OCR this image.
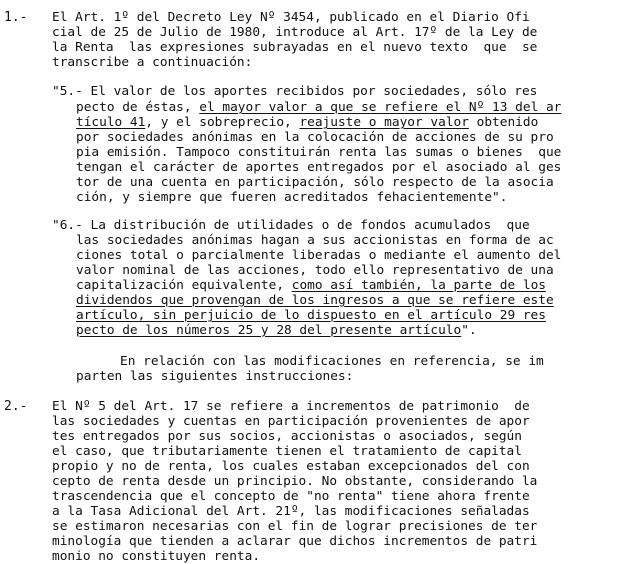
1.- El Art. 1º del Decreto Ley Nº 3454, publicado en el Diario Ofi
cial de 25 de Julio de 1980, introduce al Art. 17º de la Ley de
la Renta  las expresiones subrayadas en el nuevo texto  que  se
transcribe a continuación:
"5.- El valor de los aportes recibidos por sociedades, sólo res
pecto de éstas, el mayor valor a que se refiere el Nº 13 del ar
tículo 41, y el sobreprecio, reajuste o mayor valor obtenido
por sociedades anónimas en la colocación de acciones de su pro
pia emisión. Tampoco constituirán renta las sumas o bienes  que
tengan el carácter de aportes entregados por el asociado al ges
tor de una cuenta en participación, sólo respecto de la asocia
ción, y siempre que fueren acreditados fehacientemente".
"6.- La distribución de utilidades o de fondos acumulados  que
las sociedades anónimas hagan a sus accionistas en forma de ac
ciones total o parcialmente liberadas o mediante el aumento del
valor nominal de las acciones, todo ello representativo de una
capitalización equivalente, como así también, la parte de los
dividendos que provengan de los ingresos a que se refiere este
artículo, sin perjuicio de lo dispuesto en el artículo 29 res
pecto de los números 25 y 28 del presente artículo".
En relación con las modificaciones en referencia, se im
parten las siguientes instrucciones:
2.- El Nº 5 del Art. 17 se refiere a incrementos de patrimonio  de
las sociedades y cuentas en participación provenientes de apor
tes entregados por sus socios, accionistas o asociados, según
el caso, que tributariamente tienen el tratamiento de capital
propio y no de renta, los cuales estaban excepcionados del con
cepto de renta desde un principio. No obstante, considerando la
trascendencia que el concepto de "no renta" tiene ahora frente
a la Tasa Adicional del Art. 21º, las modificaciones señaladas
se estimaron necesarias con el fin de lograr precisiones de ter
minología que tienden a aclarar que dichos incrementos de patri
monio no constituyen renta.
